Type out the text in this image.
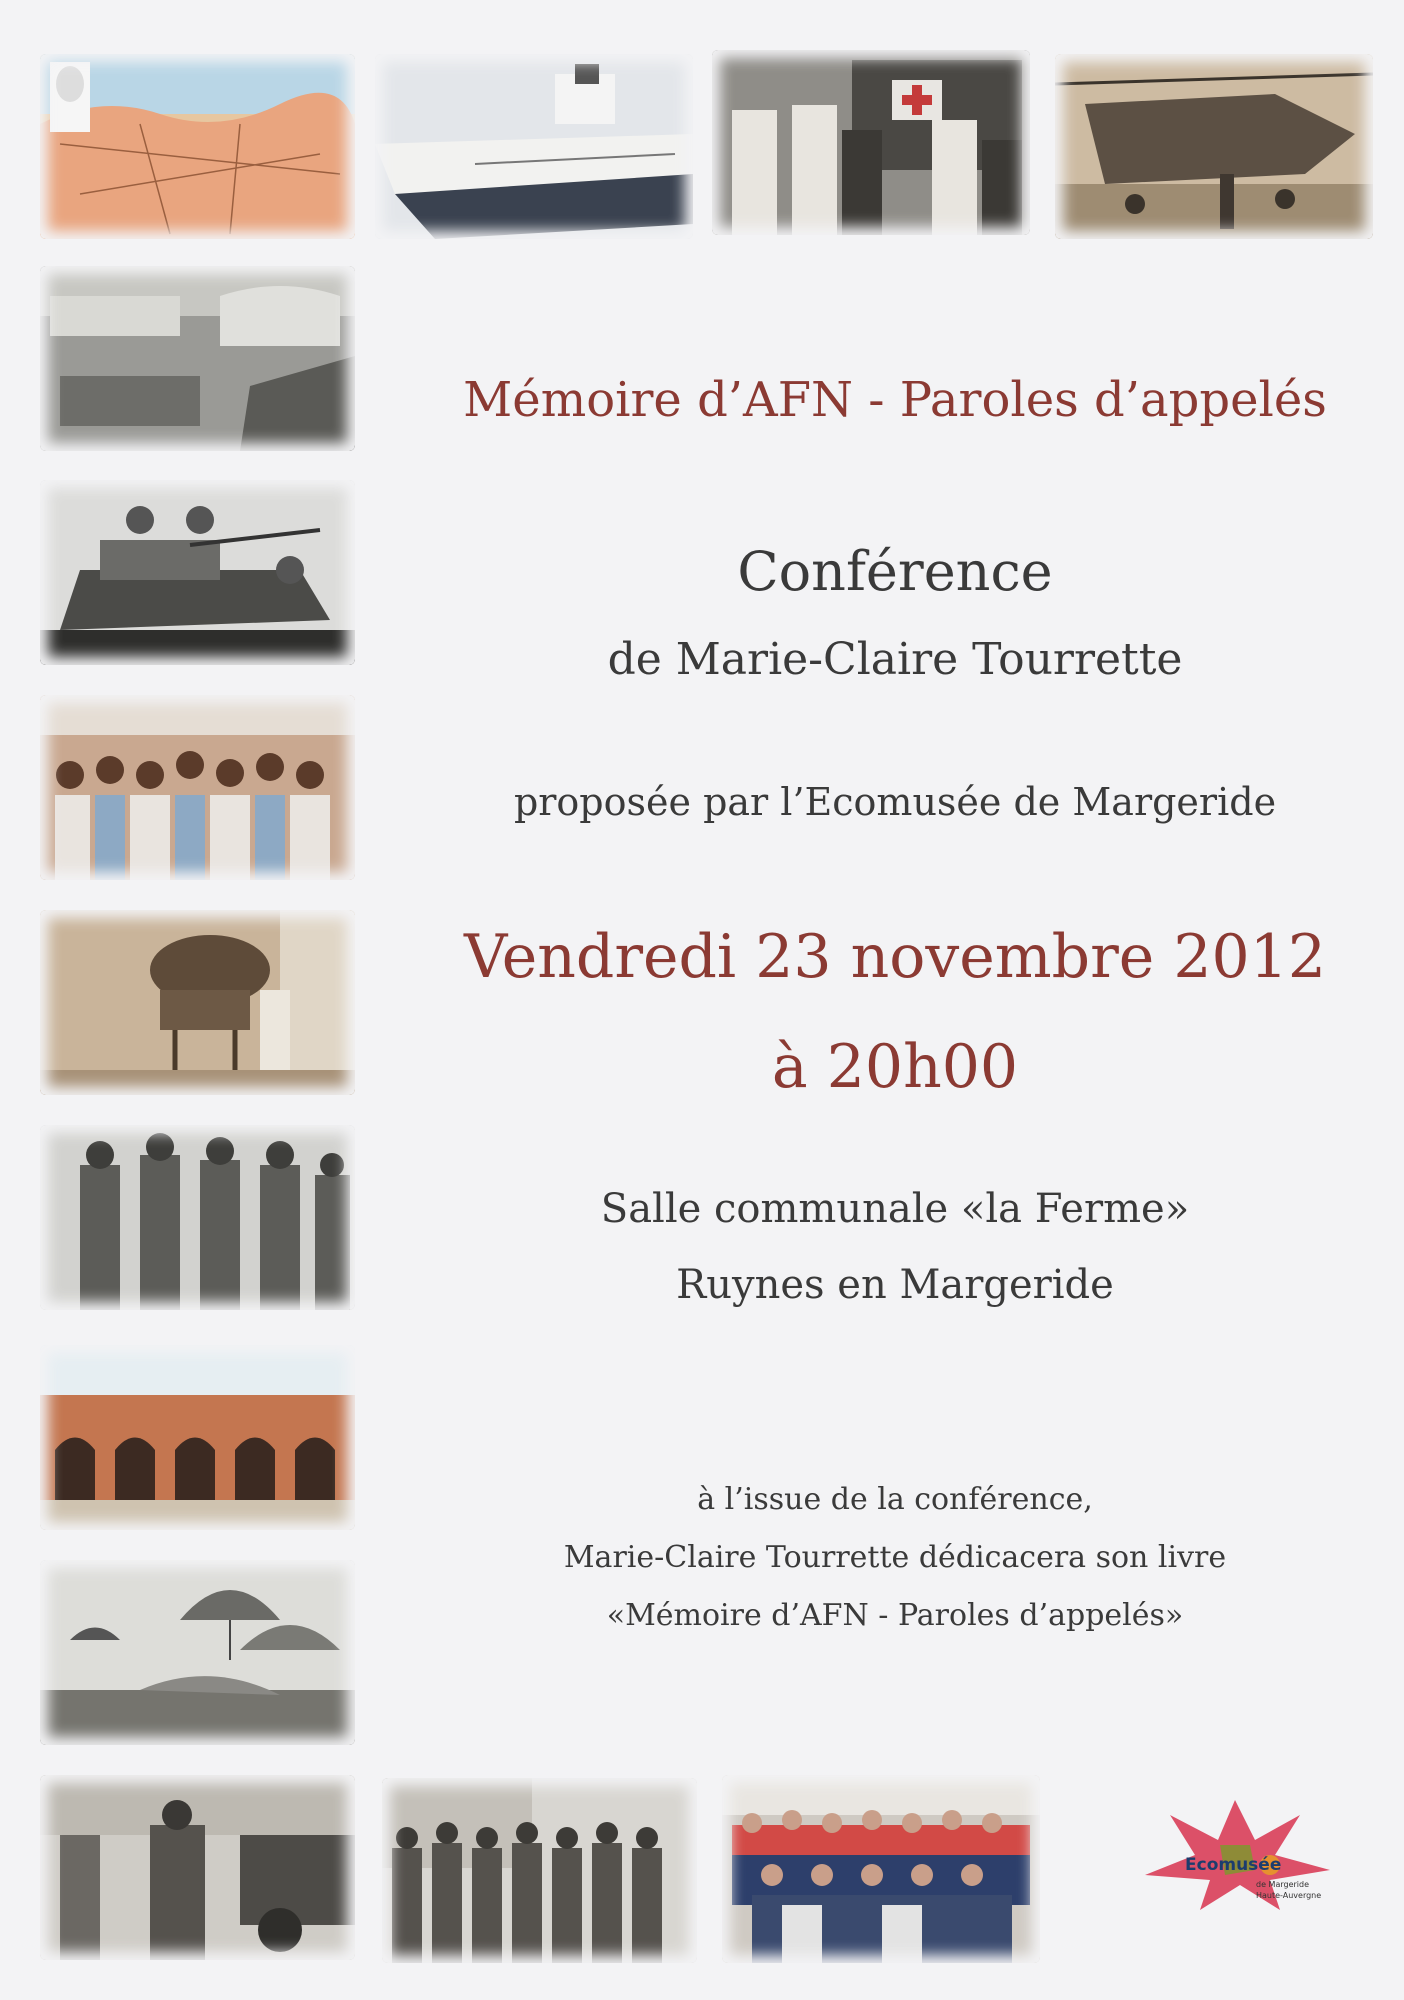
Mémoire d’AFN - Paroles d’appelés
Conférence
de Marie-Claire Tourrette
proposée par l’Ecomusée de Margeride
Vendredi 23 novembre 2012
à 20h00
Salle communale «la Ferme»
Ruynes en Margeride
à l’issue de la conférence,
Marie-Claire Tourrette dédicacera son livre
«Mémoire d’AFN - Paroles d’appelés»
Ecomusée
de Margeride
Haute-Auvergne
